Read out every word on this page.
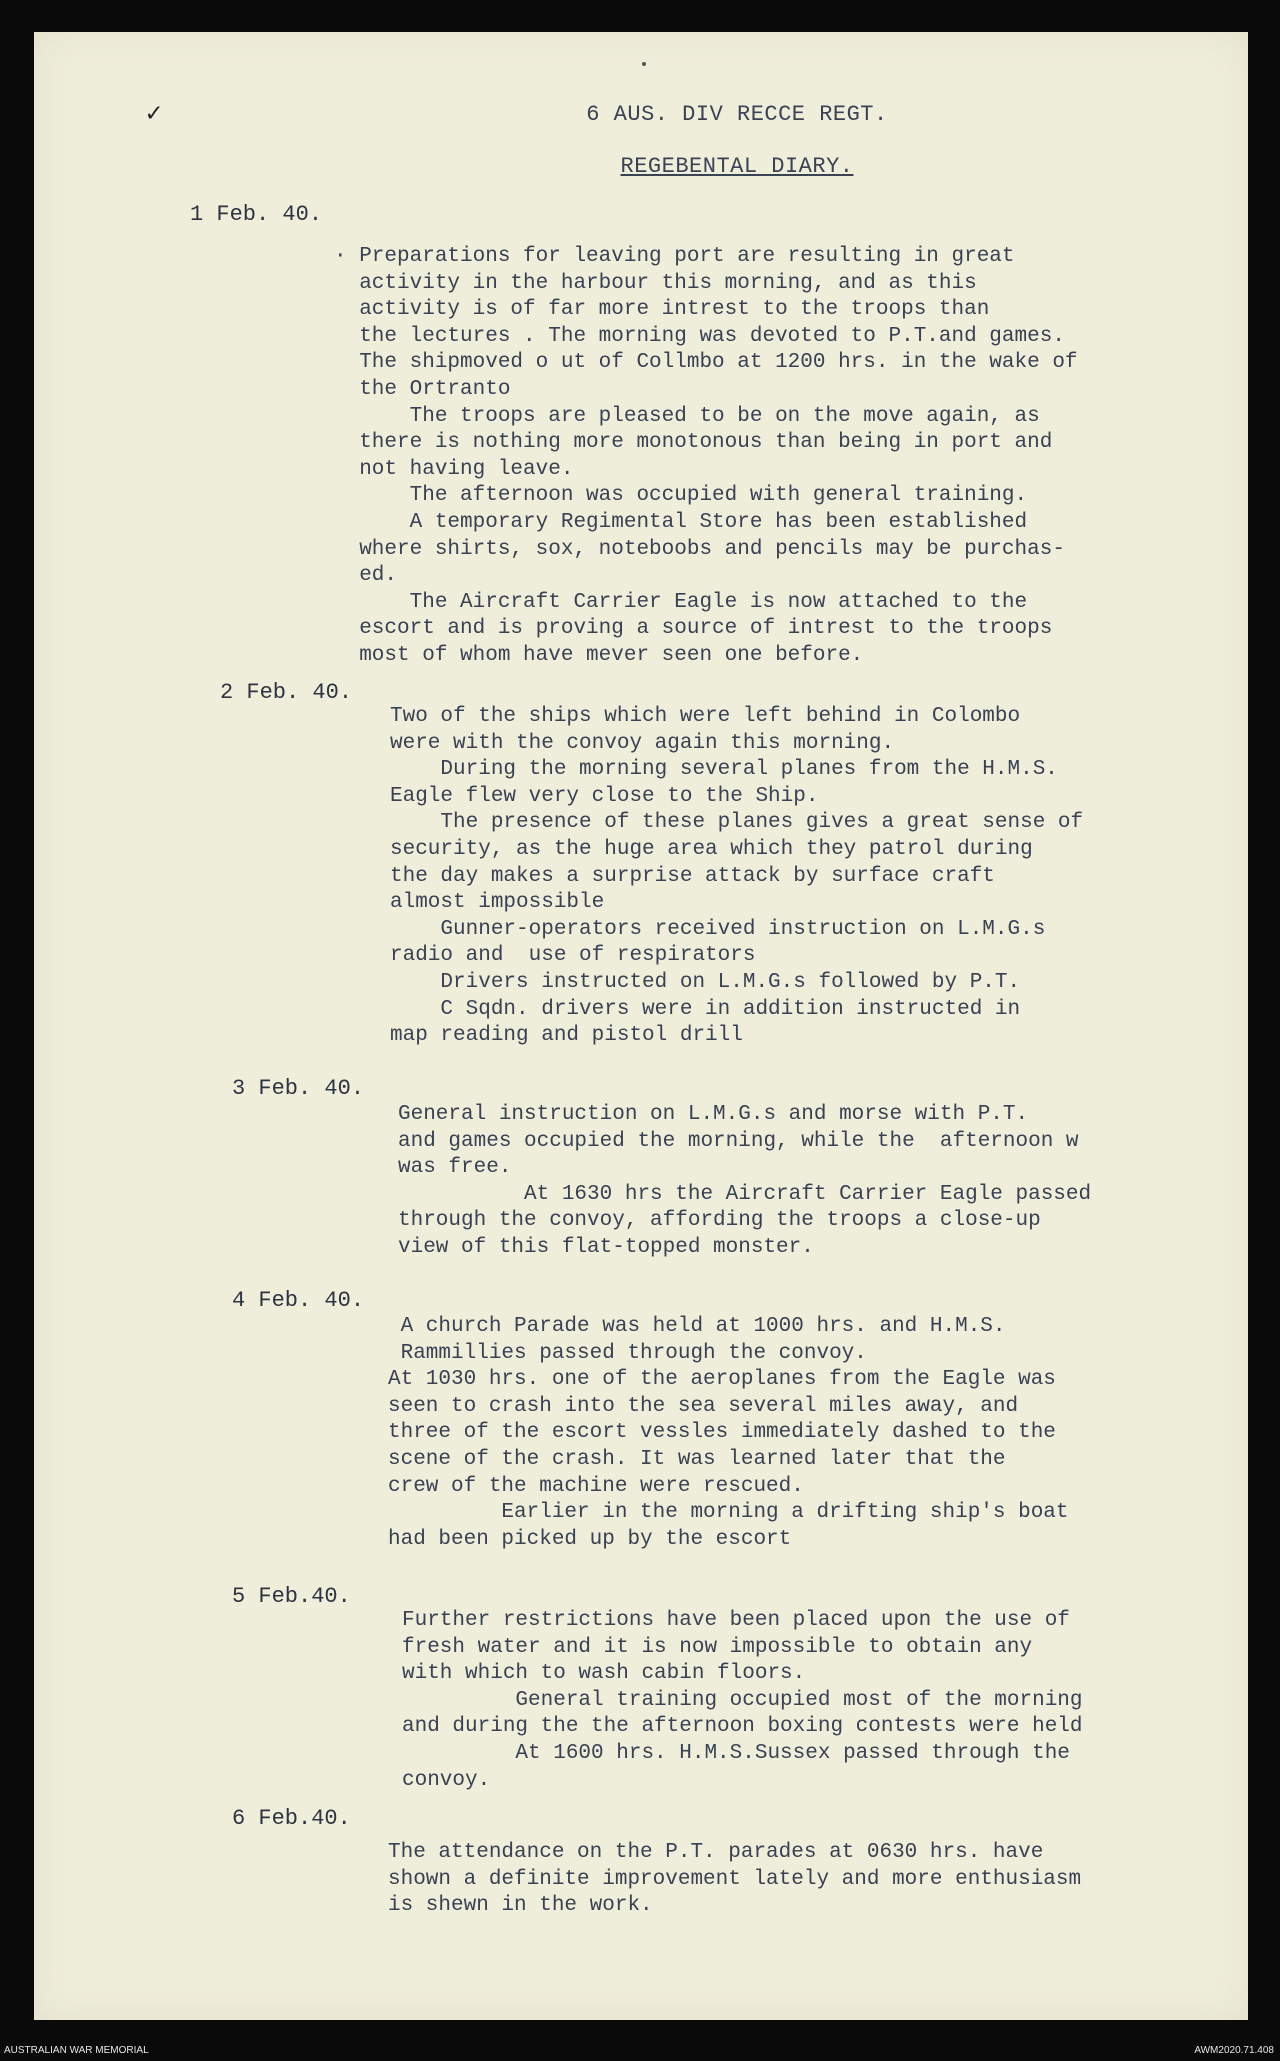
✓	6 AUS. DIV RECCE REGT.
REGEBENTAL DIARY.
1 Feb. 40.
· Preparations for leaving port are resulting in great
activity in the harbour this morning, and as this
activity is of far more intrest to the troops than
the lectures . The morning was devoted to P.T.and games.
The shipmoved o ut of Collmbo at 1200 hrs. in the wake of
the Ortranto
The troops are pleased to be on the move again, as
there is nothing more monotonous than being in port and
not having leave.
The afternoon was occupied with general training.
A temporary Regimental Store has been established
where shirts, sox, noteboobs and pencils may be purchas-
ed.
The Aircraft Carrier Eagle is now attached to the
escort and is proving a source of intrest to the troops
most of whom have mever seen one before.
2 Feb. 40.
Two of the ships which were left behind in Colombo
were with the convoy again this morning.
During the morning several planes from the H.M.S.
Eagle flew very close to the Ship.
The presence of these planes gives a great sense of
security, as the huge area which they patrol during
the day makes a surprise attack by surface craft
almost impossible
Gunner-operators received instruction on L.M.G.s
radio and  use of respirators
Drivers instructed on L.M.G.s followed by P.T.
C Sqdn. drivers were in addition instructed in
map reading and pistol drill
3 Feb. 40.
General instruction on L.M.G.s and morse with P.T.
and games occupied the morning, while the  afternoon w
was free.
At 1630 hrs the Aircraft Carrier Eagle passed
through the convoy, affording the troops a close-up
view of this flat-topped monster.
4 Feb. 40.
A church Parade was held at 1000 hrs. and H.M.S.
Rammillies passed through the convoy.
At 1030 hrs. one of the aeroplanes from the Eagle was
seen to crash into the sea several miles away, and
three of the escort vessles immediately dashed to the
scene of the crash. It was learned later that the
crew of the machine were rescued.
Earlier in the morning a drifting ship's boat
had been picked up by the escort
5 Feb.40.
Further restrictions have been placed upon the use of
fresh water and it is now impossible to obtain any
with which to wash cabin floors.
General training occupied most of the morning
and during the the afternoon boxing contests were held
At 1600 hrs. H.M.S.Sussex passed through the
convoy.
6 Feb.40.
The attendance on the P.T. parades at 0630 hrs. have
shown a definite improvement lately and more enthusiasm
is shewn in the work.
AUSTRALIAN WAR MEMORIAL	AWM2020.71.408
